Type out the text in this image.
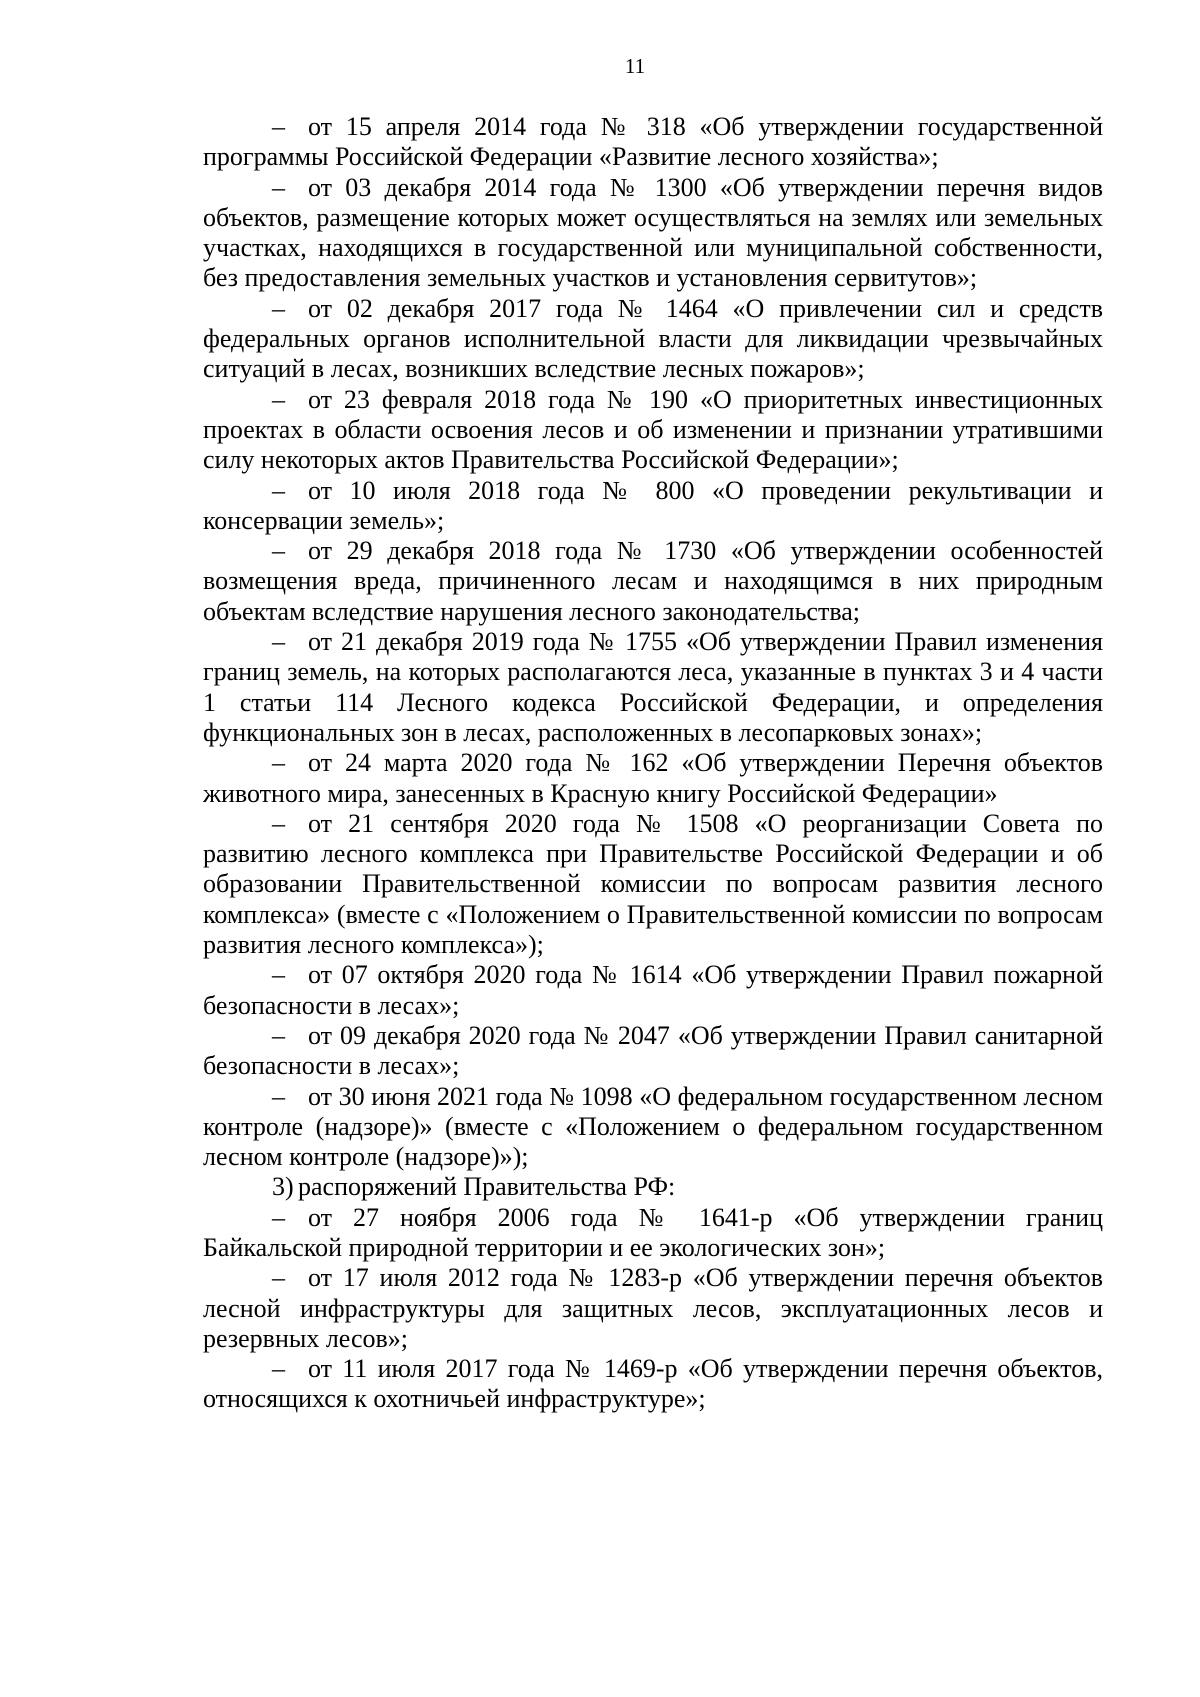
11

– от 15 апреля 2014 года № 318 «Об утверждении государственной программы Российской Федерации «Развитие лесного хозяйства»;

– от 03 декабря 2014 года № 1300 «Об утверждении перечня видов объектов, размещение которых может осуществляться на землях или земельных участках, находящихся в государственной или муниципальной собственности, без предоставления земельных участков и установления сервитутов»;

– от 02 декабря 2017 года № 1464 «О привлечении сил и средств федеральных органов исполнительной власти для ликвидации чрезвычайных ситуаций в лесах, возникших вследствие лесных пожаров»;

– от 23 февраля 2018 года № 190 «О приоритетных инвестиционных проектах в области освоения лесов и об изменении и признании утратившими силу некоторых актов Правительства Российской Федерации»;

– от 10 июля 2018 года № 800 «О проведении рекультивации и консервации земель»;

– от 29 декабря 2018 года № 1730 «Об утверждении особенностей возмещения вреда, причиненного лесам и находящимся в них природным объектам вследствие нарушения лесного законодательства;

– от 21 декабря 2019 года № 1755 «Об утверждении Правил изменения границ земель, на которых располагаются леса, указанные в пунктах 3 и 4 части 1 статьи 114 Лесного кодекса Российской Федерации, и определения функциональных зон в лесах, расположенных в лесопарковых зонах»;

– от 24 марта 2020 года № 162 «Об утверждении Перечня объектов животного мира, занесенных в Красную книгу Российской Федерации»

– от 21 сентября 2020 года № 1508 «О реорганизации Совета по развитию лесного комплекса при Правительстве Российской Федерации и об образовании Правительственной комиссии по вопросам развития лесного комплекса» (вместе с «Положением о Правительственной комиссии по вопросам развития лесного комплекса»);

– от 07 октября 2020 года № 1614 «Об утверждении Правил пожарной безопасности в лесах»;

– от 09 декабря 2020 года № 2047 «Об утверждении Правил санитарной безопасности в лесах»;

– от 30 июня 2021 года № 1098 «О федеральном государственном лесном контроле (надзоре)» (вместе с «Положением о федеральном государственном лесном контроле (надзоре)»);

3) распоряжений Правительства РФ:

– от 27 ноября 2006 года № 1641-р «Об утверждении границ Байкальской природной территории и ее экологических зон»;

– от 17 июля 2012 года № 1283-р «Об утверждении перечня объектов лесной инфраструктуры для защитных лесов, эксплуатационных лесов и резервных лесов»;

– от 11 июля 2017 года № 1469-р «Об утверждении перечня объектов, относящихся к охотничьей инфраструктуре»;
